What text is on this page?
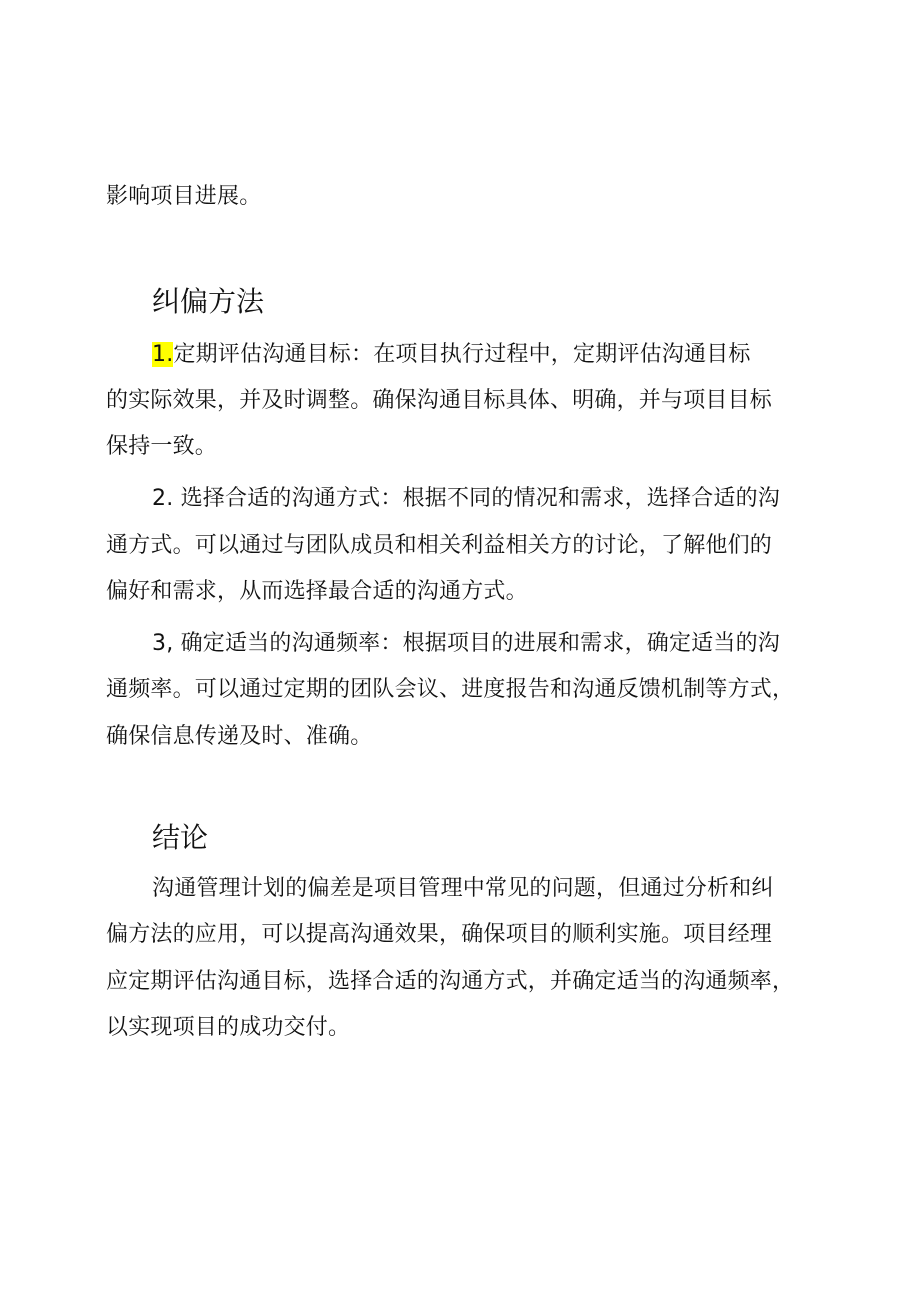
影响项目进展。
纠偏方法
1.定期评估沟通目标：在项目执行过程中，定期评估沟通目标
的实际效果，并及时调整。确保沟通目标具体、明确，并与项目目标
保持一致。
2. 选择合适的沟通方式：根据不同的情况和需求，选择合适的沟
通方式。可以通过与团队成员和相关利益相关方的讨论，了解他们的
偏好和需求，从而选择最合适的沟通方式。
3, 确定适当的沟通频率：根据项目的进展和需求，确定适当的沟
通频率。可以通过定期的团队会议、进度报告和沟通反馈机制等方式，
确保信息传递及时、准确。
结论
沟通管理计划的偏差是项目管理中常见的问题，但通过分析和纠
偏方法的应用，可以提高沟通效果，确保项目的顺利实施。项目经理
应定期评估沟通目标，选择合适的沟通方式，并确定适当的沟通频率，
以实现项目的成功交付。
